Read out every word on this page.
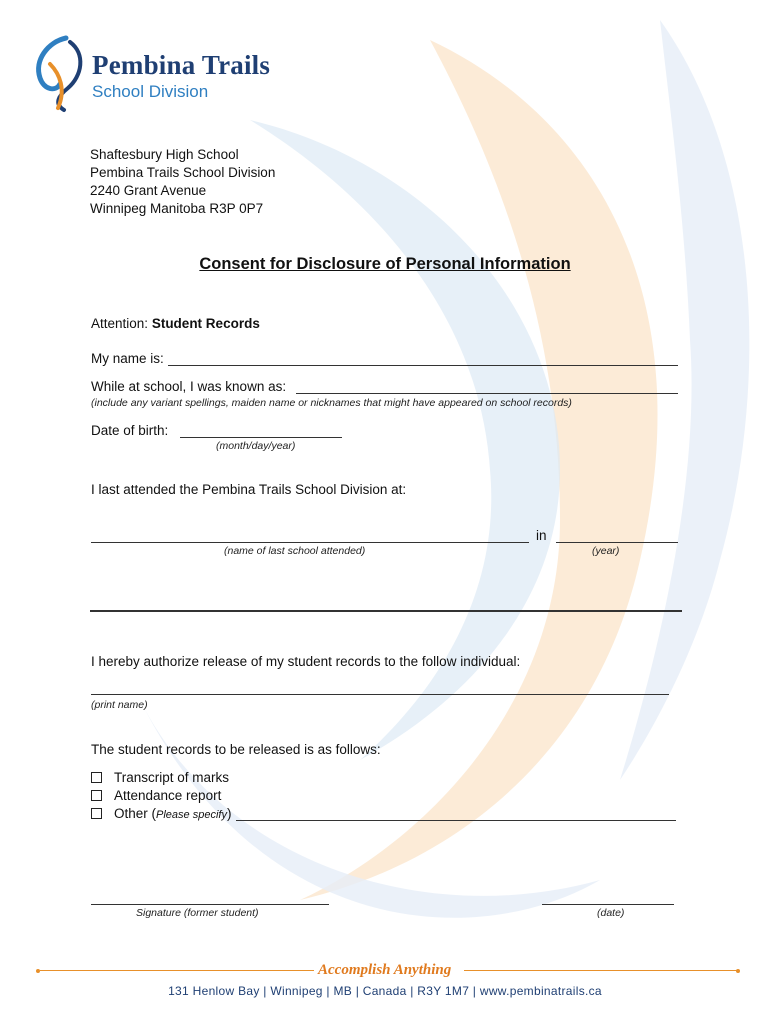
Pembina Trails
School Division
Shaftesbury High School
Pembina Trails School Division
2240 Grant Avenue
Winnipeg Manitoba R3P 0P7
Consent for Disclosure of Personal Information
Attention: Student Records
My name is:
While at school, I was known as:
(include any variant spellings, maiden name or nicknames that might have appeared on school records)
Date of birth:
(month/day/year)
I last attended the Pembina Trails School Division at:
in
(name of last school attended)	(year)
I hereby authorize release of my student records to the follow individual:
(print name)
The student records to be released is as follows:
Transcript of marks
Attendance report
Other (Please specify)
Signature (former student)	(date)
Accomplish Anything
131 Henlow Bay | Winnipeg | MB | Canada | R3Y 1M7 | www.pembinatrails.ca
